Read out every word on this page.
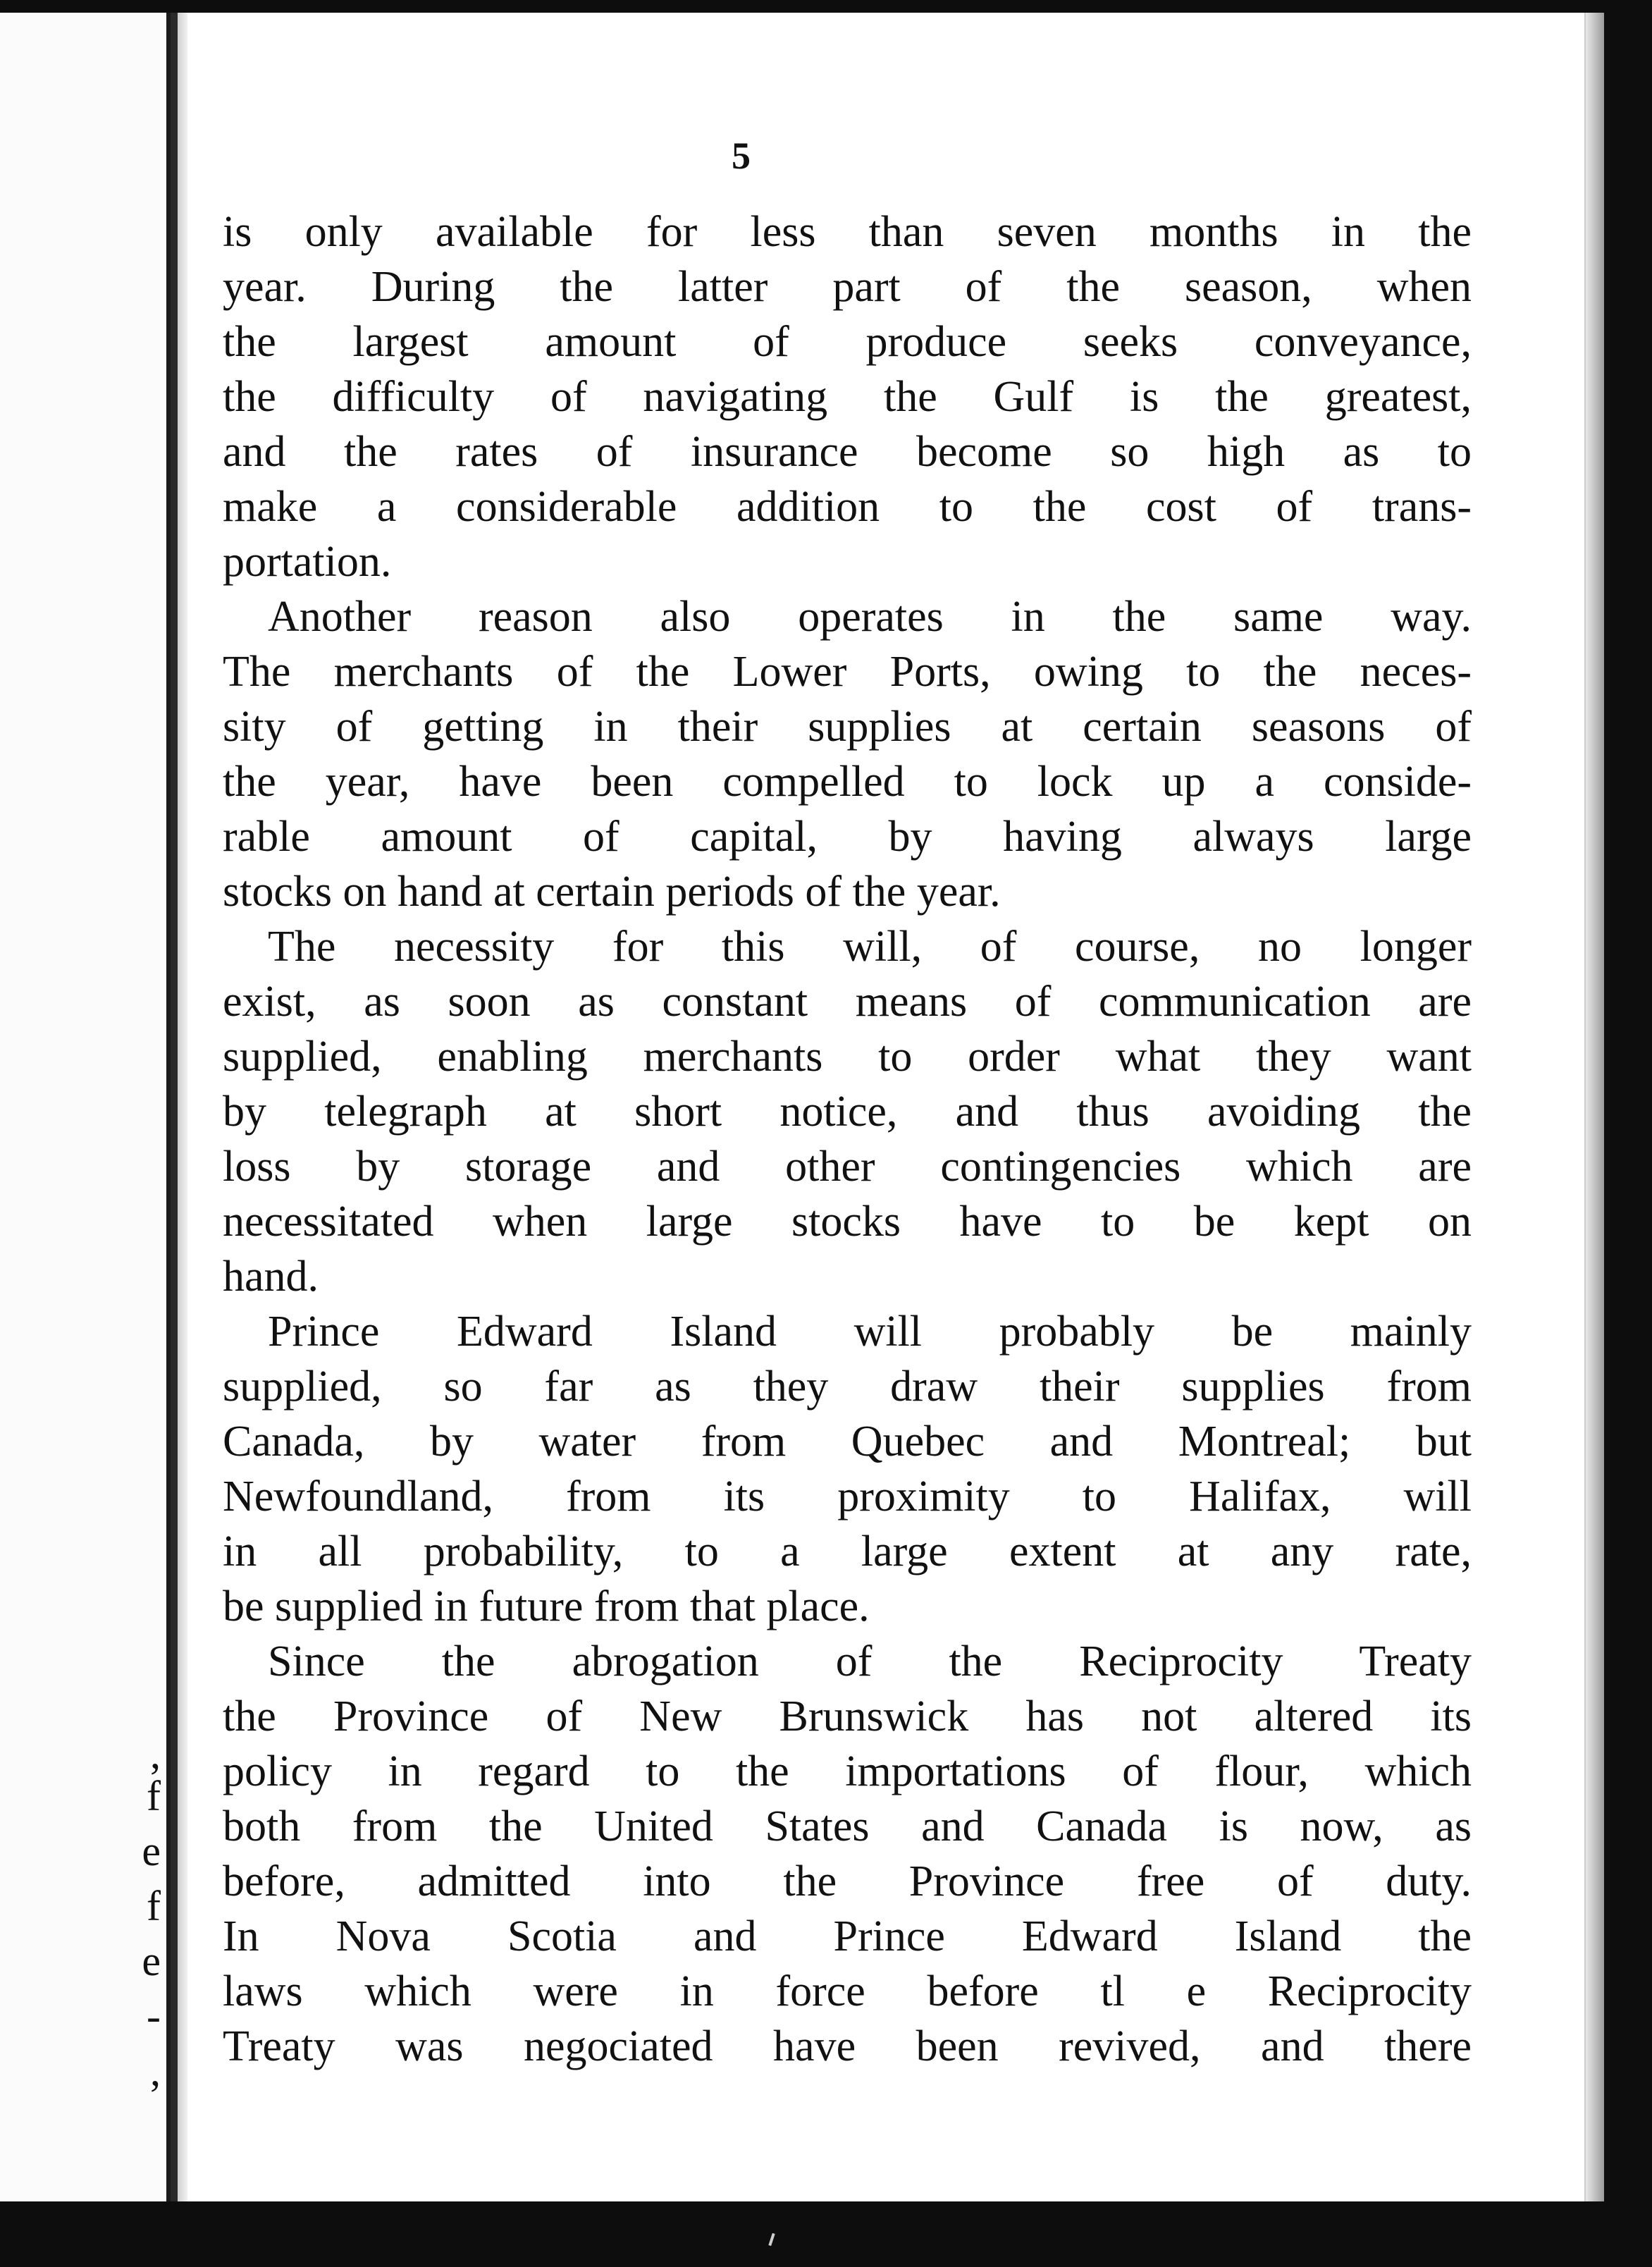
,
f
e
f
e
-
,
5
is only available for less than seven months in the
year. During the latter part of the season, when
the largest amount of produce seeks conveyance,
the difficulty of navigating the Gulf is the greatest,
and the rates of insurance become so high as to
make a considerable addition to the cost of trans-
portation.
Another reason also operates in the same way.
The merchants of the Lower Ports, owing to the neces-
sity of getting in their supplies at certain seasons of
the year, have been compelled to lock up a conside-
rable amount of capital, by having always large
stocks on hand at certain periods of the year.
The necessity for this will, of course, no longer
exist, as soon as constant means of communication are
supplied, enabling merchants to order what they want
by telegraph at short notice, and thus avoiding the
loss by storage and other contingencies which are
necessitated when large stocks have to be kept on
hand.
Prince Edward Island will probably be mainly
supplied, so far as they draw their supplies from
Canada, by water from Quebec and Montreal; but
Newfoundland, from its proximity to Halifax, will
in all probability, to a large extent at any rate,
be supplied in future from that place.
Since the abrogation of the Reciprocity Treaty
the Province of New Brunswick has not altered its
policy in regard to the importations of flour, which
both from the United States and Canada is now, as
before, admitted into the Province free of duty.
In Nova Scotia and Prince Edward Island the
laws which were in force before tl e Reciprocity
Treaty was negociated have been revived, and there
